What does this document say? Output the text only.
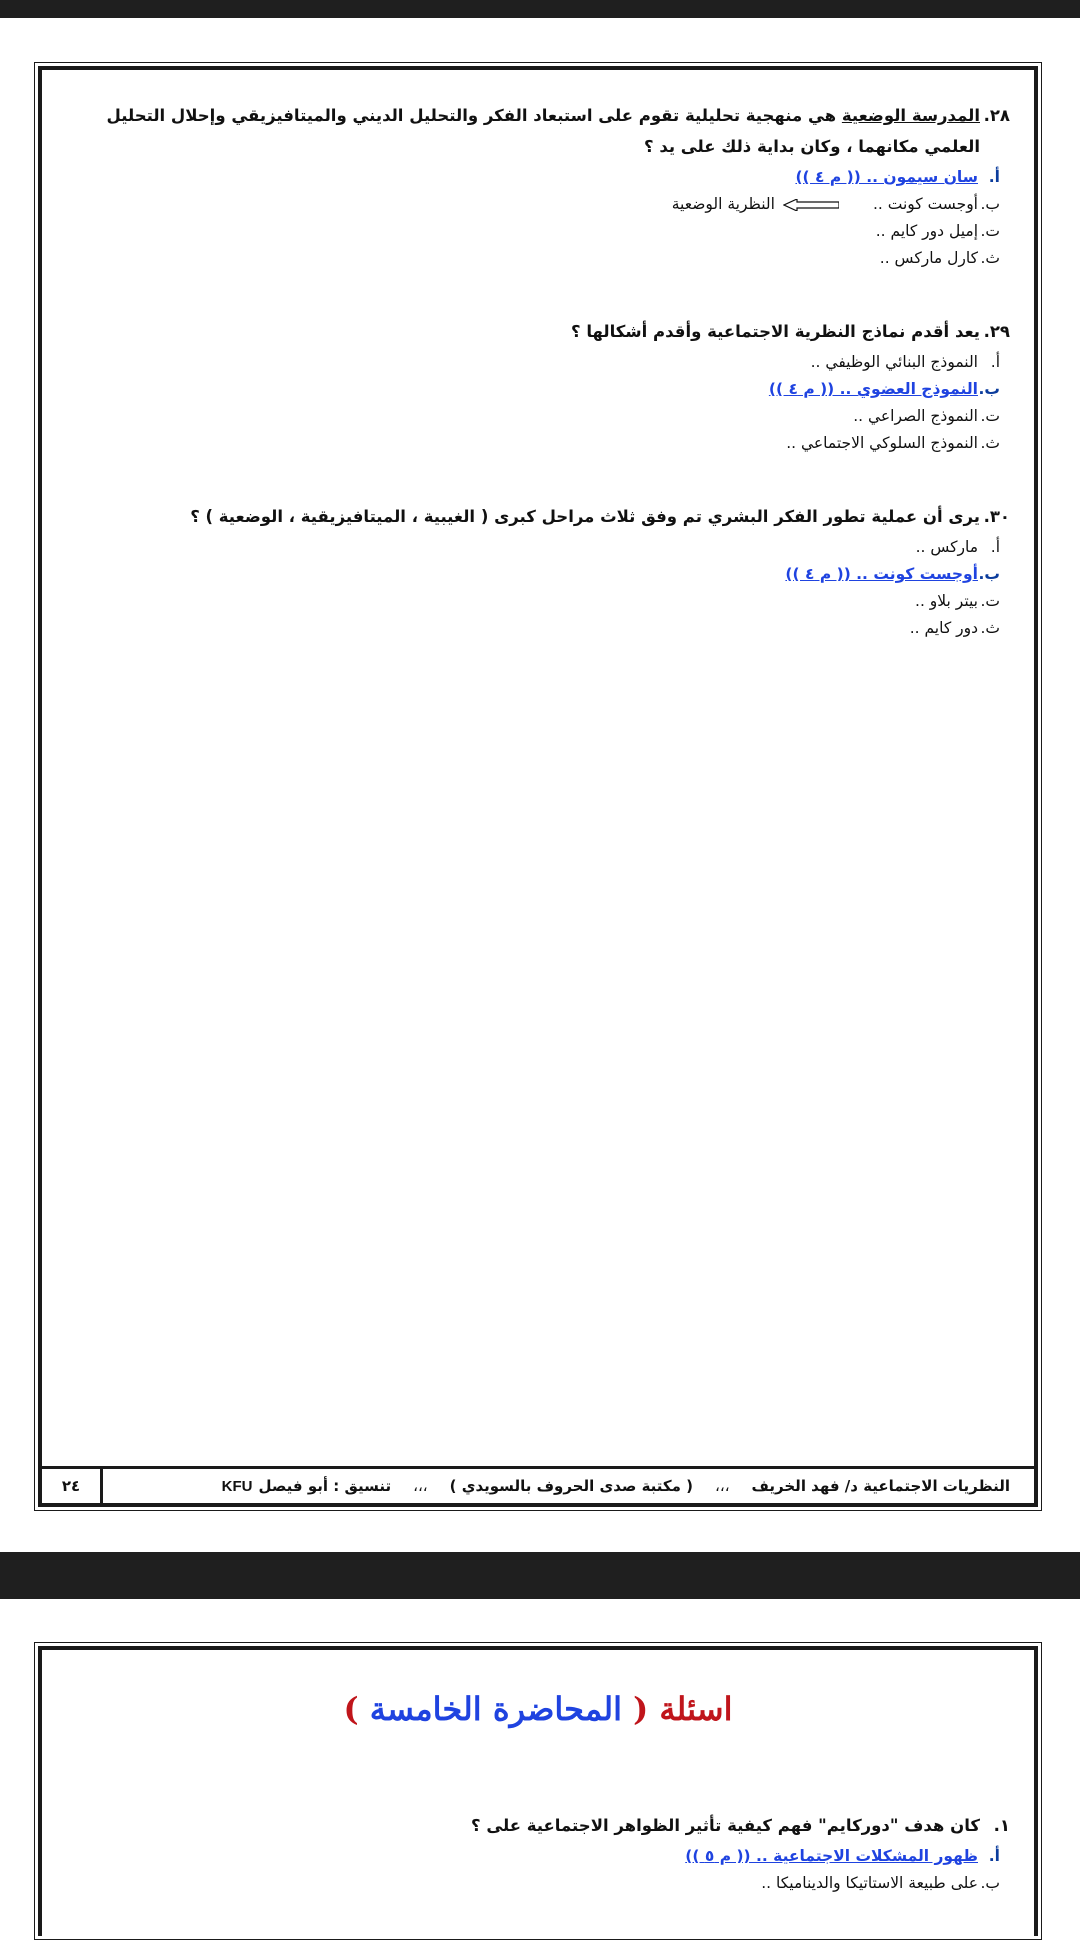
٢٨.
المدرسة الوضعية هي منهجية تحليلية تقوم على استبعاد الفكر والتحليل الديني والميتافيزيقي وإحلال التحليل العلمي مكانهما ، وكان بداية ذلك على يد ؟
أ.
سان سيمون .. (( م ٤ ))
ب.
أوجست كونت ..
النظرية الوضعية
ت.
إميل دور كايم ..
ث.
كارل ماركس ..
٢٩.
يعد أقدم نماذج النظرية الاجتماعية وأقدم أشكالها ؟
أ.
النموذج البنائي الوظيفي ..
ب.
النموذج العضوي .. (( م ٤ ))
ت.
النموذج الصراعي ..
ث.
النموذج السلوكي الاجتماعي ..
٣٠.
يرى أن عملية تطور الفكر البشري تم وفق ثلاث مراحل كبرى ( الغيبية ، الميتافيزيقية ، الوضعية ) ؟
أ.
ماركس ..
ب.
أوجست كونت .. (( م ٤ ))
ت.
بيتر بلاو ..
ث.
دور كايم ..
النظريات الاجتماعية د/ فهد الخريف
،،،
( مكتبة صدى الحروف بالسويدي )
،،،
تنسيق : أبو فيصل
KFU
٢٤
اسئلة ( المحاضرة الخامسة )
١.
كان هدف "دوركايم" فهم كيفية تأثير الظواهر الاجتماعية على ؟
أ.
ظهور المشكلات الاجتماعية .. (( م ٥ ))
ب.
على طبيعة الاستاتيكا والديناميكا ..
